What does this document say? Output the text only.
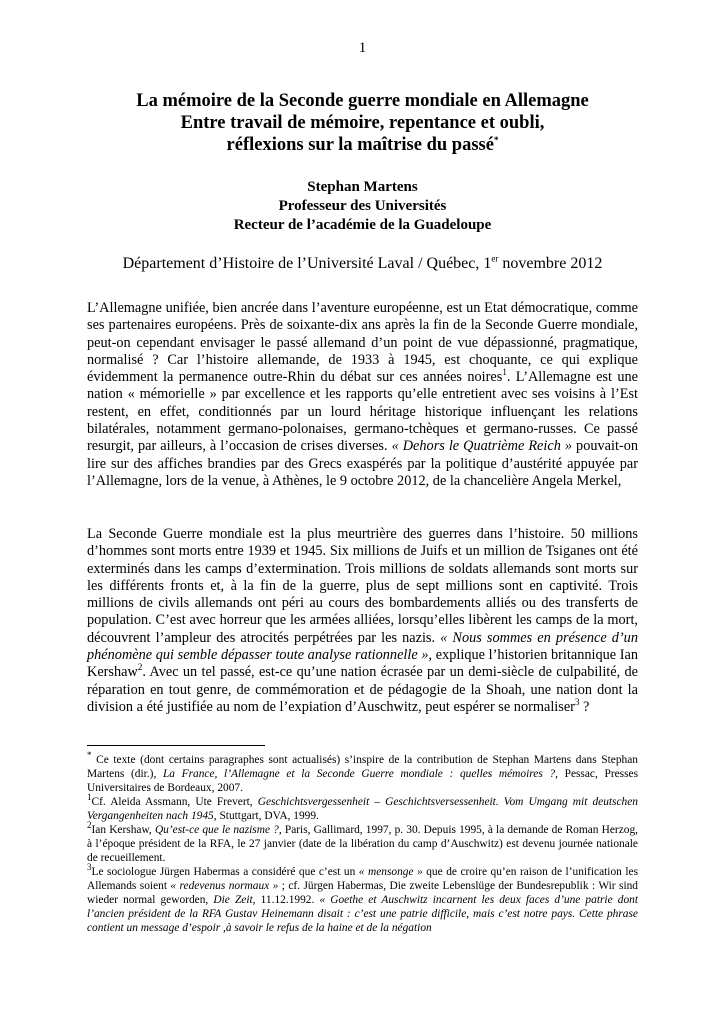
1
La mémoire de la Seconde guerre mondiale en Allemagne
Entre travail de mémoire, repentance et oubli,
réflexions sur la maîtrise du passé*
Stephan Martens
Professeur des Universités
Recteur de l’académie de la Guadeloupe
Département d’Histoire de l’Université Laval / Québec, 1er novembre 2012
L’Allemagne unifiée, bien ancrée dans l’aventure européenne, est un Etat démocratique, comme ses partenaires européens. Près de soixante-dix ans après la fin de la Seconde Guerre mondiale, peut-on cependant envisager le passé allemand d’un point de vue dépassionné, pragmatique, normalisé ? Car l’histoire allemande, de 1933 à 1945, est choquante, ce qui explique évidemment la permanence outre-Rhin du débat sur ces années noires$^1$. L’Allemagne est une nation « mémorielle » par excellence et les rapports qu’elle entretient avec ses voisins à l’Est restent, en effet, conditionnés par un lourd héritage historique influençant les relations bilatérales, notamment germano-polonaises, germano-tchèques et germano-russes. Ce passé resurgit, par ailleurs, à l’occasion de crises diverses. « Dehors le Quatrième Reich » pouvait-on lire sur des affiches brandies par des Grecs exaspérés par la politique d’austérité appuyée par l’Allemagne, lors de la venue, à Athènes, le 9 octobre 2012, de la chancelière Angela Merkel,
La Seconde Guerre mondiale est la plus meurtrière des guerres dans l’histoire. 50 millions d’hommes sont morts entre 1939 et 1945. Six millions de Juifs et un million de Tsiganes ont été exterminés dans les camps d’extermination. Trois millions de soldats allemands sont morts sur les différents fronts et, à la fin de la guerre, plus de sept millions sont en captivité. Trois millions de civils allemands ont péri au cours des bombardements alliés ou des transferts de population. C’est avec horreur que les armées alliées, lorsqu’elles libèrent les camps de la mort, découvrent l’ampleur des atrocités perpétrées par les nazis. « Nous sommes en présence d’un phénomène qui semble dépasser toute analyse rationnelle », explique l’historien britannique Ian Kershaw$^2$. Avec un tel passé, est-ce qu’une nation écrasée par un demi-siècle de culpabilité, de réparation en tout genre, de commémoration et de pédagogie de la Shoah, une nation dont la division a été justifiée au nom de l’expiation d’Auschwitz, peut espérer se normaliser$^3$ ?

* Ce texte (dont certains paragraphes sont actualisés) s’inspire de la contribution de Stephan Martens dans Stephan Martens (dir.), La France, l’Allemagne et la Seconde Guerre mondiale : quelles mémoires ?, Pessac, Presses Universitaires de Bordeaux, 2007.

$^1$Cf. Aleida Assmann, Ute Frevert, Geschichtsvergessenheit – Geschichtsversessenheit. Vom Umgang mit deutschen Vergangenheiten nach 1945, Stuttgart, DVA, 1999.

$^2$Ian Kershaw, Qu’est-ce que le nazisme ?, Paris, Gallimard, 1997, p. 30. Depuis 1995, à la demande de Roman Herzog, à l’époque président de la RFA, le 27 janvier (date de la libération du camp d’Auschwitz) est devenu journée nationale de recueillement.

$^3$Le sociologue Jürgen Habermas a considéré que c’est un « mensonge » que de croire qu’en raison de l’unification les Allemands soient « redevenus normaux » ; cf. Jürgen Habermas, Die zweite Lebenslüge der Bundesrepublik : Wir sind wieder normal geworden, Die Zeit, 11.12.1992. « Goethe et Auschwitz incarnent les deux faces d’une patrie dont l’ancien président de la RFA Gustav Heinemann disait : c’est une patrie difficile, mais c’est notre pays. Cette phrase contient un message d’espoir ,à savoir le refus de la haine et de la négation
